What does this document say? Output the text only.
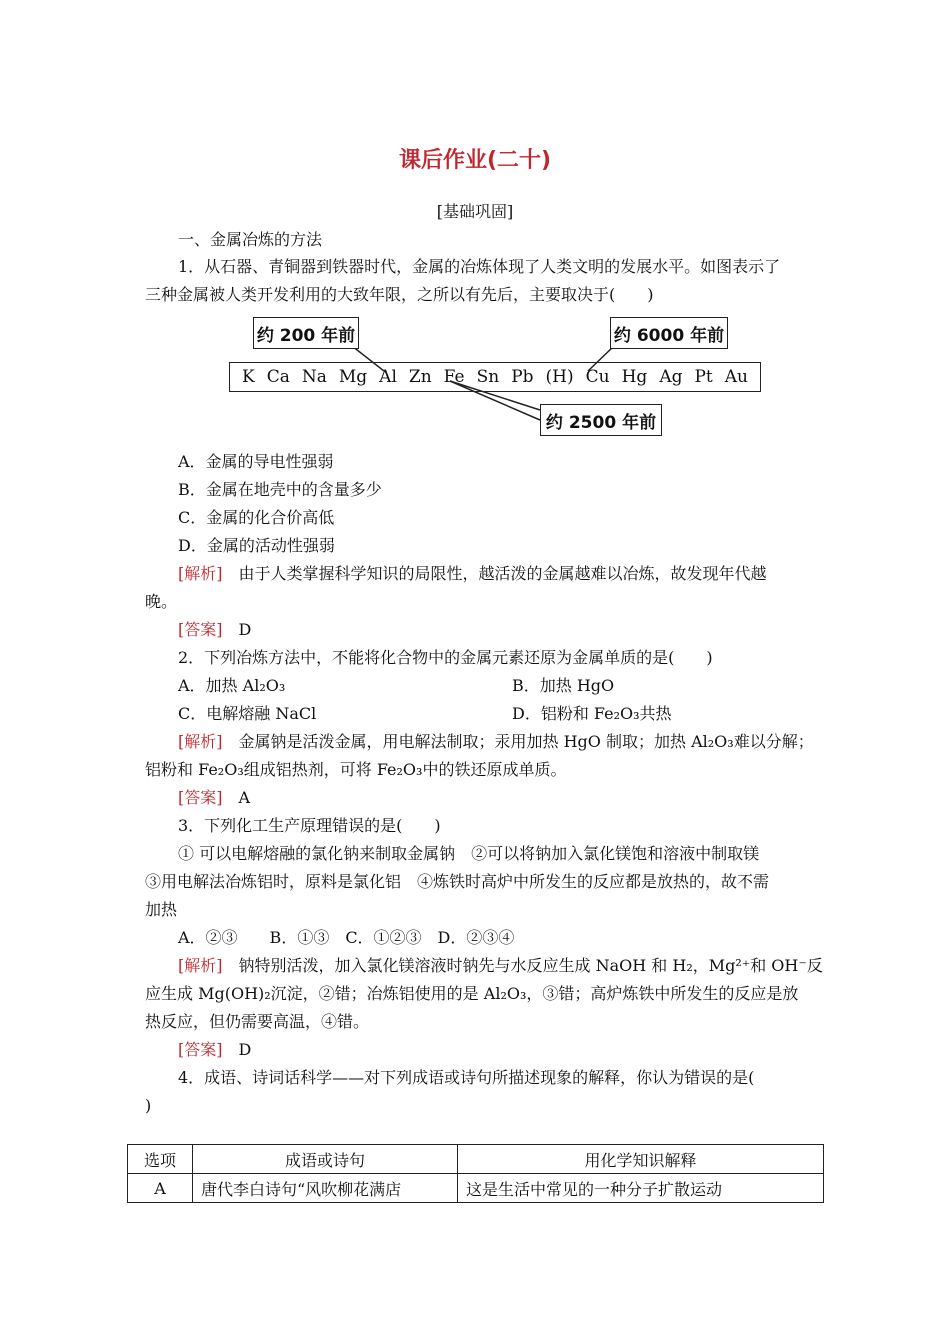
课后作业(二十)
[基础巩固]
一、金属冶炼的方法
1．从石器、青铜器到铁器时代，金属的冶炼体现了人类文明的发展水平。如图表示了
三种金属被人类开发利用的大致年限，之所以有先后，主要取决于(　　)
约 200 年前	约 6000 年前
约 2500 年前
K Ca Na Mg Al Zn Fe Sn Pb (H) Cu Hg Ag Pt Au
A．金属的导电性强弱
B．金属在地壳中的含量多少
C．金属的化合价高低
D．金属的活动性强弱
[解析]　由于人类掌握科学知识的局限性，越活泼的金属越难以冶炼，故发现年代越
晚。
[答案]　D
2．下列冶炼方法中，不能将化合物中的金属元素还原为金属单质的是(　　)
A．加热 Al₂O₃	B．加热 HgO
C．电解熔融 NaCl	D．铝粉和 Fe₂O₃共热
[解析]　金属钠是活泼金属，用电解法制取；汞用加热 HgO 制取；加热 Al₂O₃难以分解；
铝粉和 Fe₂O₃组成铝热剂，可将 Fe₂O₃中的铁还原成单质。
[答案]　A
3．下列化工生产原理错误的是(　　)
① 可以电解熔融的氯化钠来制取金属钠　②可以将钠加入氯化镁饱和溶液中制取镁
③用电解法冶炼铝时，原料是氯化铝　④炼铁时高炉中所发生的反应都是放热的，故不需
加热
A．②③　　B．①③　C．①②③　D．②③④
[解析]　钠特别活泼，加入氯化镁溶液时钠先与水反应生成 NaOH 和 H₂，Mg²⁺和 OH⁻反
应生成 Mg(OH)₂沉淀，②错；冶炼铝使用的是 Al₂O₃，③错；高炉炼铁中所发生的反应是放
热反应，但仍需要高温，④错。
[答案]　D
4．成语、诗词话科学——对下列成语或诗句所描述现象的解释，你认为错误的是(
)
选项	成语或诗句	用化学知识解释
A	唐代李白诗句“风吹柳花满店	这是生活中常见的一种分子扩散运动
